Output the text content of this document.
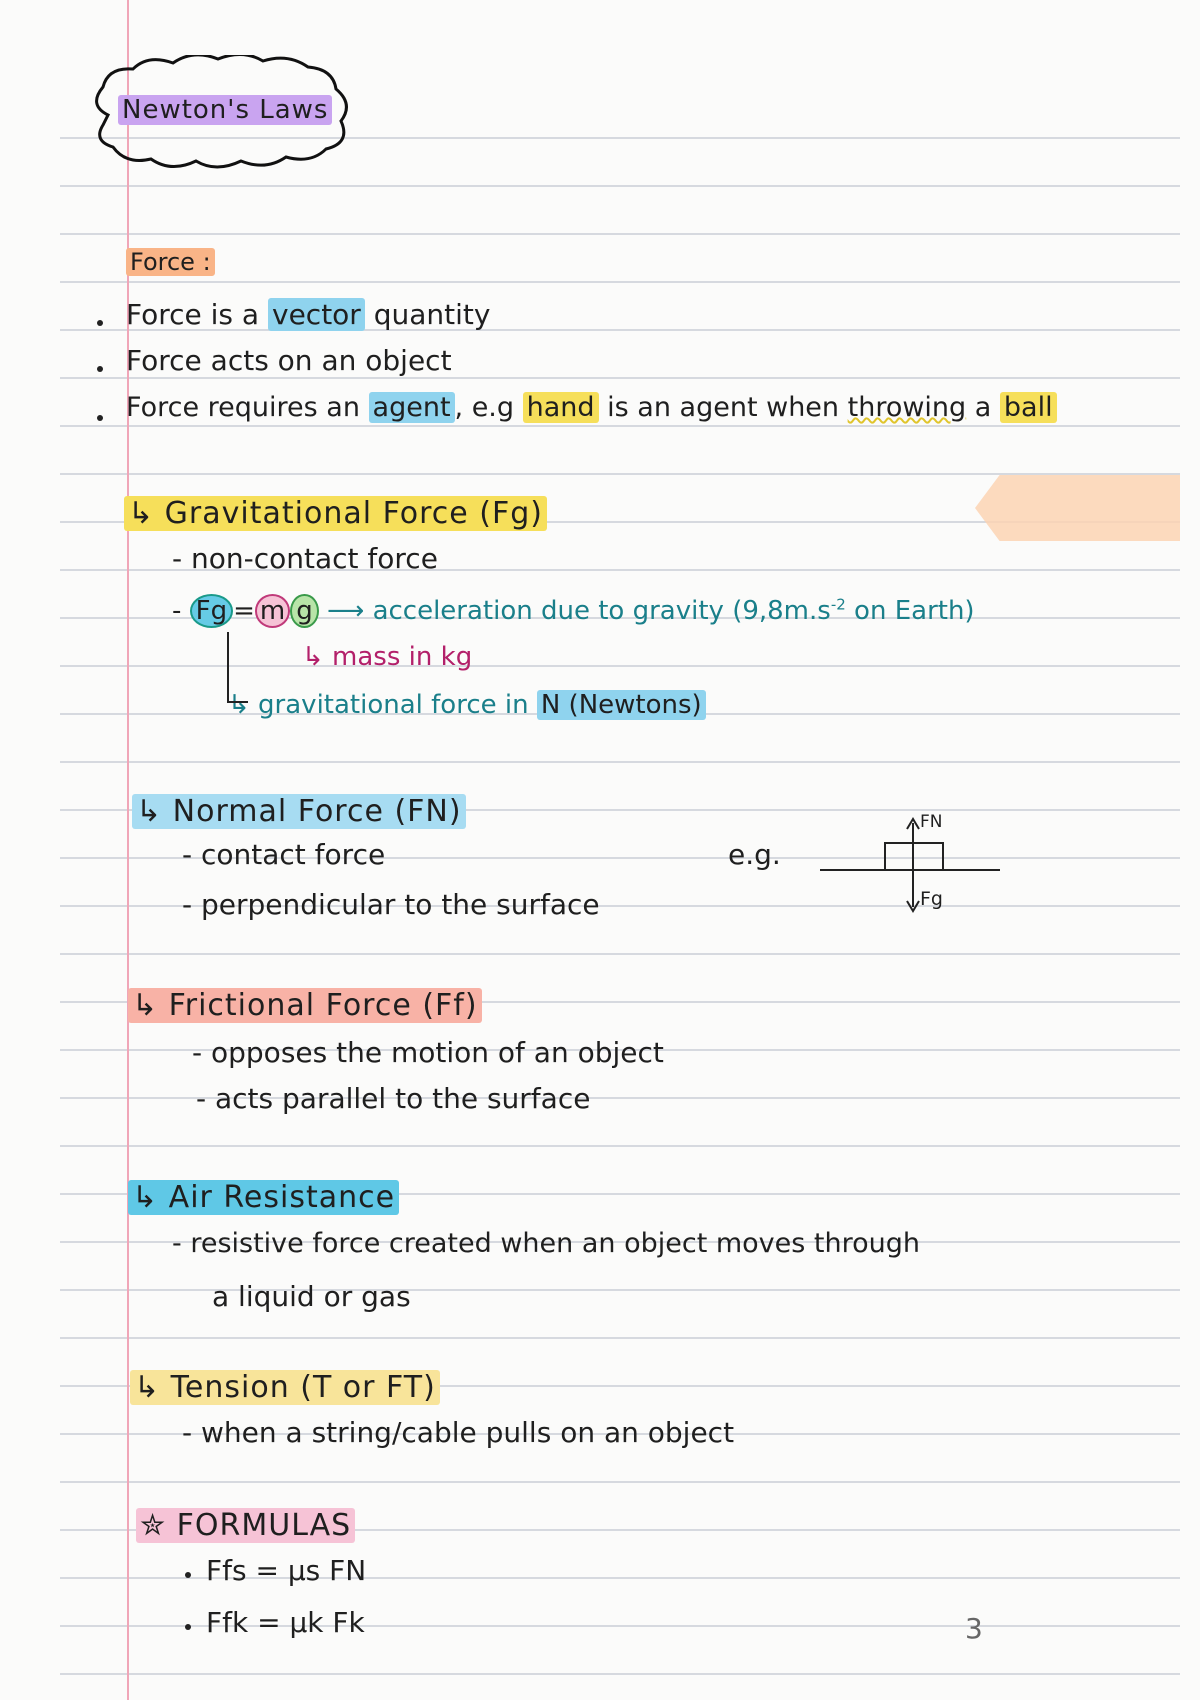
Newton's Laws
Force :
Force is a vector quantity
Force acts on an object
Force requires an agent , e.g hand is an agent when throwing a ball
↳ Gravitational Force (Fg)
- non-contact force
- Fg = m g ⟶ acceleration due to gravity ($9,8m.s^{-2}$ on Earth)
↳ mass in kg
↳ gravitational force in N (Newtons)
↳ Normal Force (FN)
- contact force
- perpendicular to the surface
e.g.
FN
Fg
↳ Frictional Force (Ff)
- opposes the motion of an object
- acts parallel to the surface
↳ Air Resistance
- resistive force created when an object moves through
a liquid or gas
↳ Tension (T or FT)
- when a string/cable pulls on an object
✮ FORMULAS
Ffs = μs FN
Ffk = μk Fk	3
